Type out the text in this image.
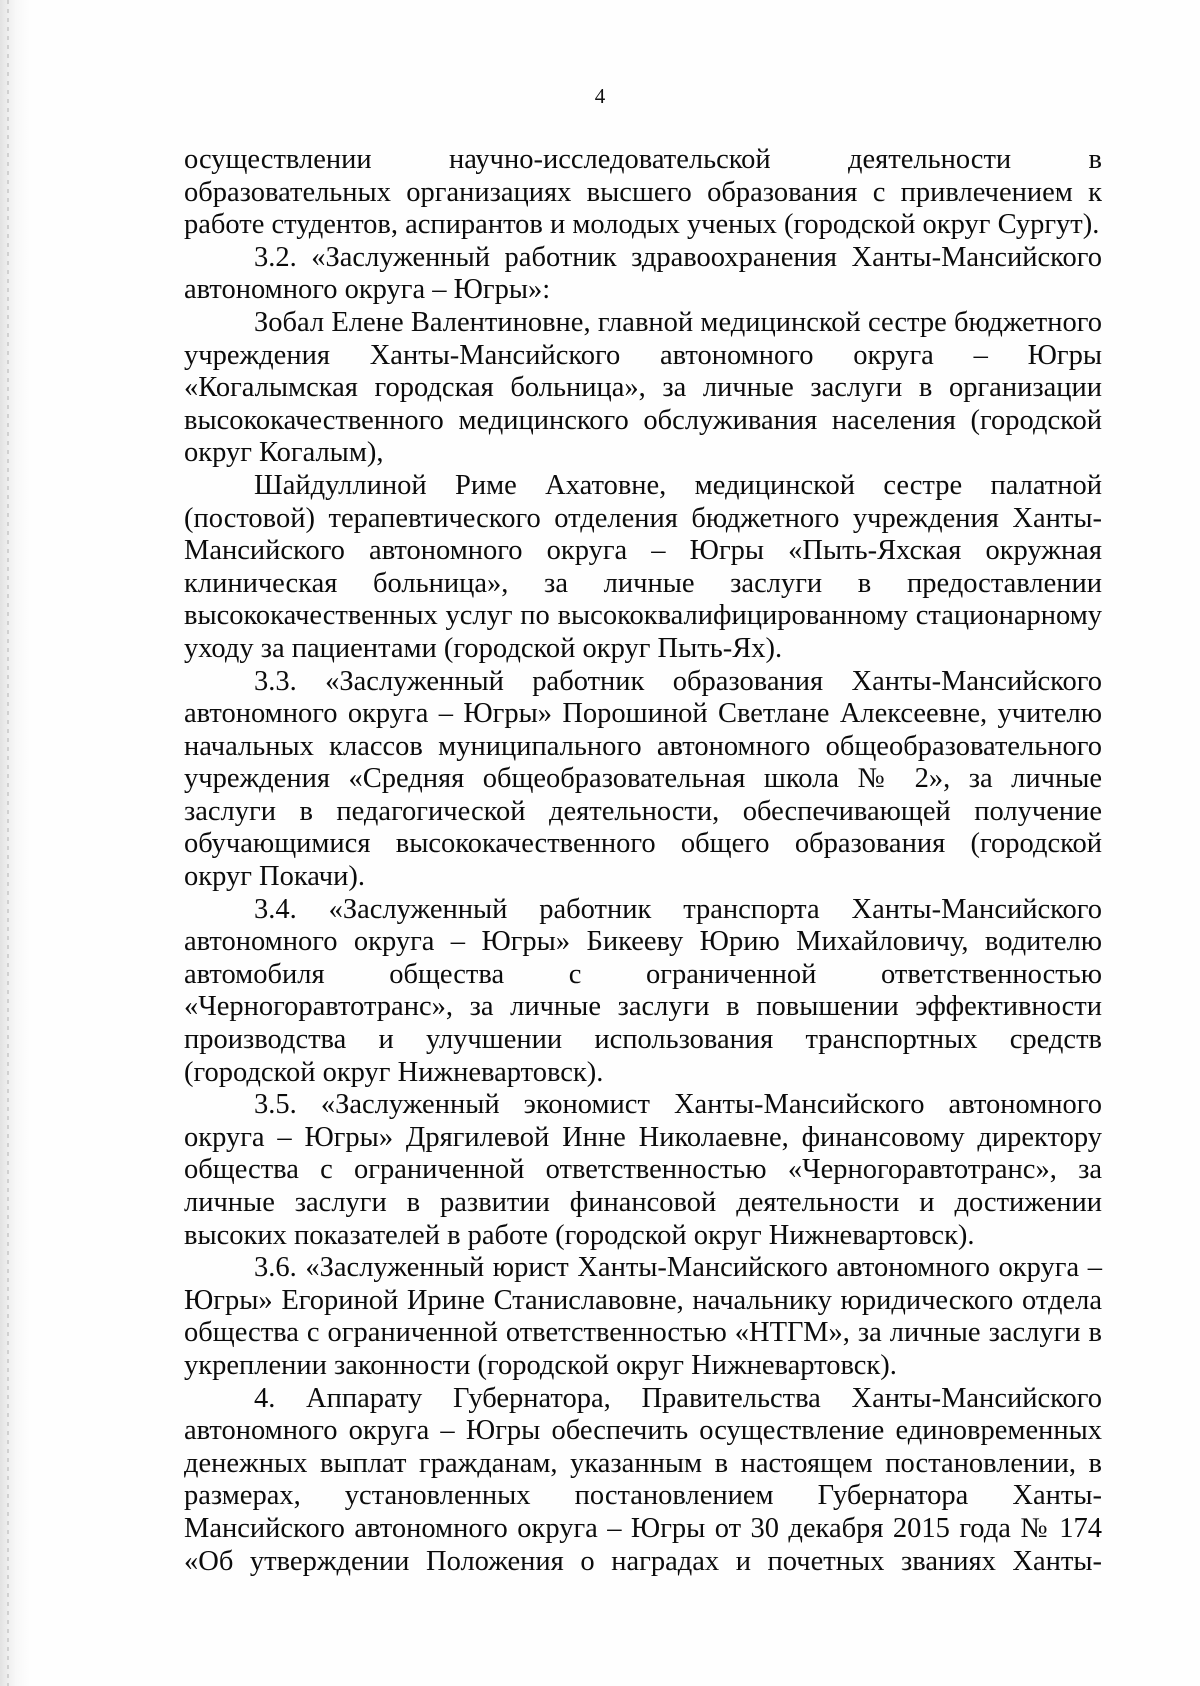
4

осуществлении научно-исследовательской деятельности в образовательных организациях высшего образования с привлечением к работе студентов, аспирантов и молодых ученых (городской округ Сургут).

3.2. «Заслуженный работник здравоохранения Ханты-Мансийского автономного округа – Югры»:

Зобал Елене Валентиновне, главной медицинской сестре бюджетного учреждения Ханты-Мансийского автономного округа – Югры «Когалымская городская больница», за личные заслуги в организации высококачественного медицинского обслуживания населения (городской округ Когалым),

Шайдуллиной Риме Ахатовне, медицинской сестре палатной (постовой) терапевтического отделения бюджетного учреждения Ханты-Мансийского автономного округа – Югры «Пыть-Яхская окружная клиническая больница», за личные заслуги в предоставлении высококачественных услуг по высококвалифицированному стационарному уходу за пациентами (городской округ Пыть-Ях).

3.3. «Заслуженный работник образования Ханты-Мансийского автономного округа – Югры» Порошиной Светлане Алексеевне, учителю начальных классов муниципального автономного общеобразовательного учреждения «Средняя общеобразовательная школа № 2», за личные заслуги в педагогической деятельности, обеспечивающей получение обучающимися высококачественного общего образования (городской округ Покачи).

3.4. «Заслуженный работник транспорта Ханты-Мансийского автономного округа – Югры» Бикееву Юрию Михайловичу, водителю автомобиля общества с ограниченной ответственностью «Черногоравтотранс», за личные заслуги в повышении эффективности производства и улучшении использования транспортных средств (городской округ Нижневартовск).

3.5. «Заслуженный экономист Ханты-Мансийского автономного округа – Югры» Дрягилевой Инне Николаевне, финансовому директору общества с ограниченной ответственностью «Черногоравтотранс», за личные заслуги в развитии финансовой деятельности и достижении высоких показателей в работе (городской округ Нижневартовск).

3.6. «Заслуженный юрист Ханты-Мансийского автономного округа – Югры» Егориной Ирине Станиславовне, начальнику юридического отдела общества с ограниченной ответственностью «НТГМ», за личные заслуги в укреплении законности (городской округ Нижневартовск).

4. Аппарату Губернатора, Правительства Ханты-Мансийского автономного округа – Югры обеспечить осуществление единовременных денежных выплат гражданам, указанным в настоящем постановлении, в размерах, установленных постановлением Губернатора Ханты-Мансийского автономного округа – Югры от 30 декабря 2015 года № 174 «Об утверждении Положения о наградах и почетных званиях Ханты-
